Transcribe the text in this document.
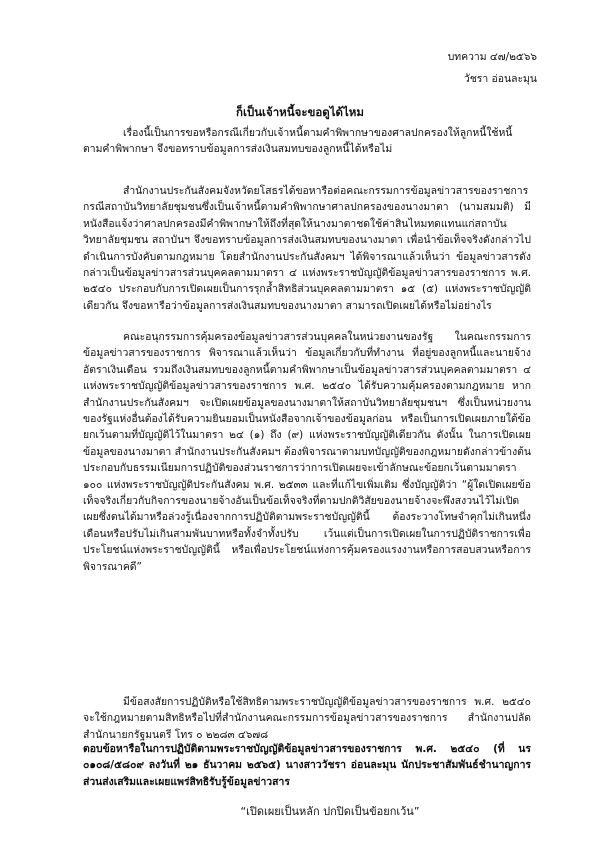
บทความ ๔๗/๒๕๖๖
วัชรา อ่อนละมุน
ก็เป็นเจ้าหนี้จะขอดูได้ไหม

เรื่องนี้เป็นการขอหรือกรณีเกี่ยวกับเจ้าหนี้ตามคำพิพากษาของศาลปกครองให้ลูกหนี้ใช้หนี้ตามคำพิพากษา จึงขอทราบข้อมูลการส่งเงินสมทบของลูกหนี้ได้หรือไม่

สำนักงานประกันสังคมจังหวัดยโสธรได้ขอหารือต่อคณะกรรมการข้อมูลข่าวสารของราชการ กรณีสถาบันวิทยาลัยชุมชนซึ่งเป็นเจ้าหนี้ตามคำพิพากษาศาลปกครองของนางมาตา (นามสมมติ) มีหนังสือแจ้งว่าศาลปกครองมีคำพิพากษาให้ถึงที่สุดให้นางมาตาชดใช้ค่าสินไหมทดแทนแก่สถาบันวิทยาลัยชุมชน สถาบันฯ จึงขอทราบข้อมูลการส่งเงินสมทบของนางมาตา เพื่อนำข้อเท็จจริงดังกล่าวไปดำเนินการบังคับตามกฎหมาย โดยสำนักงานประกันสังคมฯ ได้พิจารณาแล้วเห็นว่า ข้อมูลข่าวสารดังกล่าวเป็นข้อมูลข่าวสารส่วนบุคคลตามมาตรา ๔ แห่งพระราชบัญญัติข้อมูลข่าวสารของราชการ พ.ศ. ๒๕๔๐ ประกอบกับการเปิดเผยเป็นการรุกล้ำสิทธิส่วนบุคคลตามมาตรา ๑๕ (๕) แห่งพระราชบัญญัติเดียวกัน จึงขอหารือว่าข้อมูลการส่งเงินสมทบของนางมาตา สามารถเปิดเผยได้หรือไม่อย่างไร

คณะอนุกรรมการคุ้มครองข้อมูลข่าวสารส่วนบุคคลในหน่วยงานของรัฐ ในคณะกรรมการข้อมูลข่าวสารของราชการ พิจารณาแล้วเห็นว่า ข้อมูลเกี่ยวกับที่ทำงาน ที่อยู่ของลูกหนี้และนายจ้าง อัตราเงินเดือน รวมถึงเงินสมทบของลูกหนี้ตามคำพิพากษาเป็นข้อมูลข่าวสารส่วนบุคคลตามมาตรา ๔ แห่งพระราชบัญญัติข้อมูลข่าวสารของราชการ พ.ศ. ๒๕๔๐ ได้รับความคุ้มครองตามกฎหมาย หากสำนักงานประกันสังคมฯ จะเปิดเผยข้อมูลของนางมาตาให้สถาบันวิทยาลัยชุมชนฯ ซึ่งเป็นหน่วยงานของรัฐแห่งอื่นต้องได้รับความยินยอมเป็นหนังสือจากเจ้าของข้อมูลก่อน หรือเป็นการเปิดเผยภายใต้ข้อยกเว้นตามที่บัญญัติไว้ในมาตรา ๒๔ (๑) ถึง (๙) แห่งพระราชบัญญัติเดียวกัน ดังนั้น ในการเปิดเผยข้อมูลของนางมาตา สำนักงานประกันสังคมฯ ต้องพิจารณาตามบทบัญญัติของกฎหมายดังกล่าวข้างต้น ประกอบกับธรรมเนียมการปฏิบัติของส่วนราชการว่าการเปิดเผยจะเข้าลักษณะข้อยกเว้นตามมาตรา ๑๐๐ แห่งพระราชบัญญัติประกันสังคม พ.ศ. ๒๕๓๓ และที่แก้ไขเพิ่มเติม ซึ่งบัญญัติว่า “ผู้ใดเปิดเผยข้อเท็จจริงเกี่ยวกับกิจการของนายจ้างอันเป็นข้อเท็จจริงที่ตามปกติวิสัยของนายจ้างจะพึงสงวนไว้ไม่เปิดเผยซึ่งตนได้มาหรือล่วงรู้เนื่องจากการปฏิบัติตามพระราชบัญญัตินี้ ต้องระวางโทษจำคุกไม่เกินหนึ่งเดือนหรือปรับไม่เกินสามพันบาทหรือทั้งจำทั้งปรับ เว้นแต่เป็นการเปิดเผยในการปฏิบัติราชการเพื่อประโยชน์แห่งพระราชบัญญัตินี้ หรือเพื่อประโยชน์แห่งการคุ้มครองแรงงานหรือการสอบสวนหรือการพิจารณาคดี”

มีข้อสงสัยการปฏิบัติหรือใช้สิทธิตามพระราชบัญญัติข้อมูลข่าวสารของราชการ พ.ศ. ๒๕๔๐ จะใช้กฎหมายตามสิทธิหรือไปที่สำนักงานคณะกรรมการข้อมูลข่าวสารของราชการ สำนักงานปลัดสำนักนายกรัฐมนตรี โทร ๐ ๒๒๘๓ ๔๖๗๘

ตอบข้อหารือในการปฏิบัติตามพระราชบัญญัติข้อมูลข่าวสารของราชการ พ.ศ. ๒๕๔๐ (ที่ นร ๐๑๐๘/๕๘๐๙ ลงวันที่ ๒๑ ธันวาคม ๒๕๖๕) นางสาววัชรา อ่อนละมุน นักประชาสัมพันธ์ชำนาญการ ส่วนส่งเสริมและเผยแพร่สิทธิรับรู้ข้อมูลข่าวสาร

“เปิดเผยเป็นหลัก ปกปิดเป็นข้อยกเว้น”
